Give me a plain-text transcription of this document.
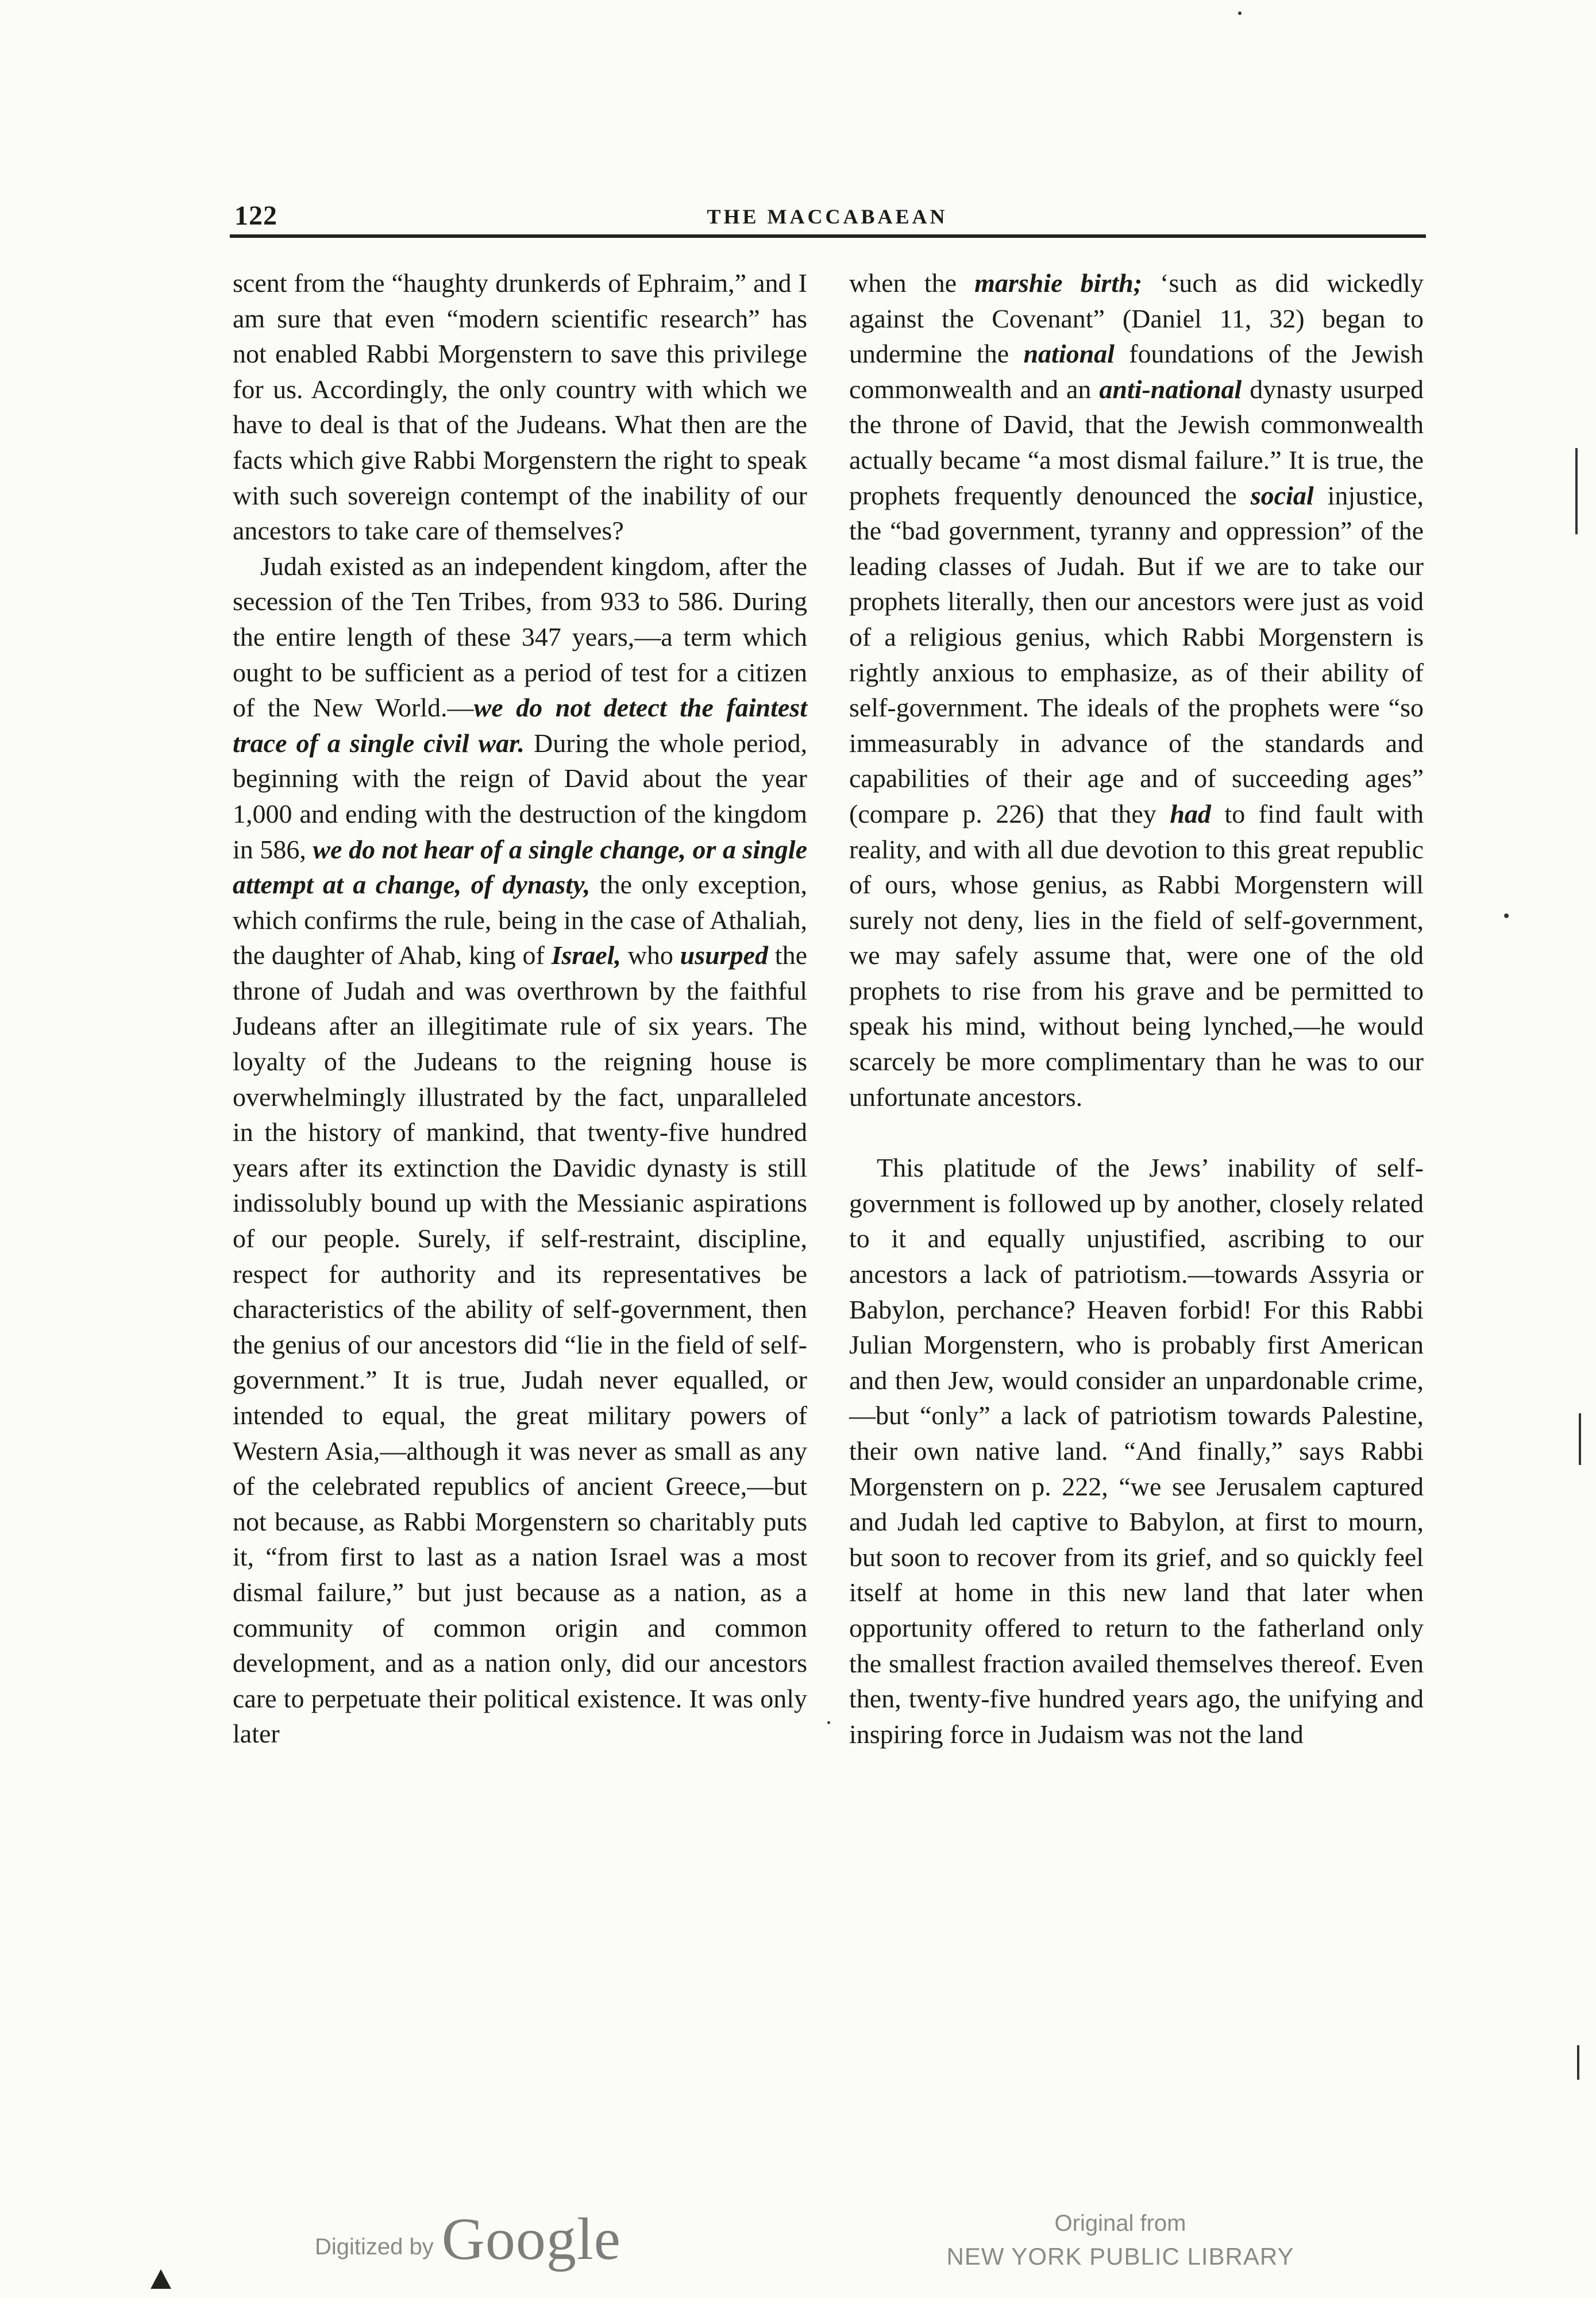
122	THE MACCABAEAN

scent from the “haughty drunkerds of Ephraim,” and I am sure that even “modern scientific research” has not enabled Rabbi Morgenstern to save this privilege for us. Accordingly, the only country with which we have to deal is that of the Judeans. What then are the facts which give Rabbi Morgenstern the right to speak with such sovereign contempt of the inability of our ancestors to take care of themselves?

Judah existed as an independent kingdom, after the secession of the Ten Tribes, from 933 to 586. During the entire length of these 347 years,—a term which ought to be sufficient as a period of test for a citizen of the New World.—we do not detect the faintest trace of a single civil war. During the whole period, beginning with the reign of David about the year 1,000 and ending with the destruction of the kingdom in 586, we do not hear of a single change, or a single attempt at a change, of dynasty, the only exception, which confirms the rule, being in the case of Athaliah, the daughter of Ahab, king of Israel, who usurped the throne of Judah and was overthrown by the faithful Judeans after an illegitimate rule of six years. The loyalty of the Judeans to the reigning house is overwhelmingly illustrated by the fact, unparalleled in the history of mankind, that twenty-five hundred years after its extinction the Davidic dynasty is still indissolubly bound up with the Messianic aspirations of our people. Surely, if self-restraint, discipline, respect for authority and its representatives be characteristics of the ability of self-government, then the genius of our ancestors did “lie in the field of self-government.” It is true, Judah never equalled, or intended to equal, the great military powers of Western Asia,—although it was never as small as any of the celebrated republics of ancient Greece,—but not because, as Rabbi Morgenstern so charitably puts it, “from first to last as a nation Israel was a most dismal failure,” but just because as a nation, as a community of common origin and common development, and as a nation only, did our ancestors care to perpetuate their political existence. It was only later

when the marshie birth; ‘such as did wickedly against the Covenant” (Daniel 11, 32) began to undermine the national foundations of the Jewish commonwealth and an anti-national dynasty usurped the throne of David, that the Jewish commonwealth actually became “a most dismal failure.” It is true, the prophets frequently denounced the social injustice, the “bad government, tyranny and oppression” of the leading classes of Judah. But if we are to take our prophets literally, then our ancestors were just as void of a religious genius, which Rabbi Morgenstern is rightly anxious to emphasize, as of their ability of self-government. The ideals of the prophets were “so immeasurably in advance of the standards and capabilities of their age and of succeeding ages” (compare p. 226) that they had to find fault with reality, and with all due devotion to this great republic of ours, whose genius, as Rabbi Morgenstern will surely not deny, lies in the field of self-government, we may safely assume that, were one of the old prophets to rise from his grave and be permitted to speak his mind, without being lynched,—he would scarcely be more complimentary than he was to our unfortunate ancestors.

This platitude of the Jews’ inability of self-government is followed up by another, closely related to it and equally unjustified, ascribing to our ancestors a lack of patriotism.—towards Assyria or Babylon, perchance? Heaven forbid! For this Rabbi Julian Morgenstern, who is probably first American and then Jew, would consider an unpardonable crime,—but “only” a lack of patriotism towards Palestine, their own native land. “And finally,” says Rabbi Morgenstern on p. 222, “we see Jerusalem captured and Judah led captive to Babylon, at first to mourn, but soon to recover from its grief, and so quickly feel itself at home in this new land that later when opportunity offered to return to the fatherland only the smallest fraction availed themselves thereof. Even then, twenty-five hundred years ago, the unifying and inspiring force in Judaism was not the land

Digitized by Google	Original from
NEW YORK PUBLIC LIBRARY
